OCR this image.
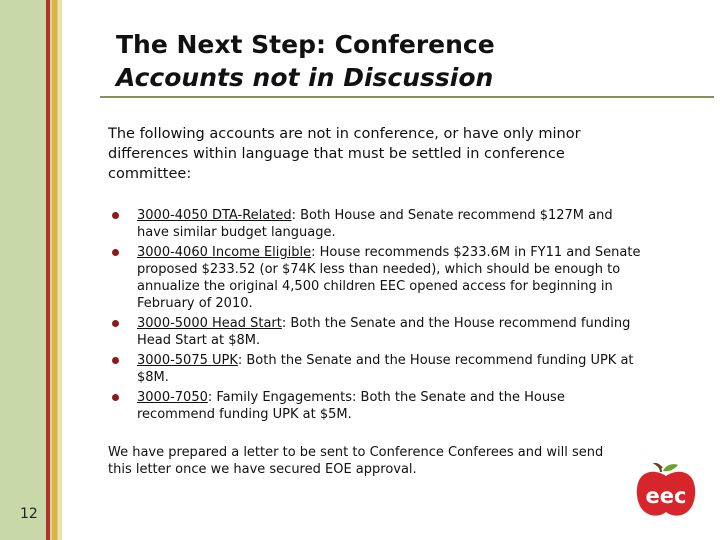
The Next Step: Conference
Accounts not in Discussion
The following accounts are not in conference, or have only minor differences within language that must be settled in conference committee:
3000-4050 DTA-Related: Both House and Senate recommend $127M and have similar budget language.
3000-4060 Income Eligible: House recommends $233.6M in FY11 and Senate proposed $233.52 (or $74K less than needed), which should be enough to annualize the original 4,500 children EEC opened access for beginning in February of 2010.
3000-5000 Head Start: Both the Senate and the House recommend funding Head Start at $8M.
3000-5075 UPK: Both the Senate and the House recommend funding UPK at $8M.
3000-7050: Family Engagements: Both the Senate and the House recommend funding UPK at $5M.
We have prepared a letter to be sent to Conference Conferees and will send this letter once we have secured EOE approval.
12
eec
